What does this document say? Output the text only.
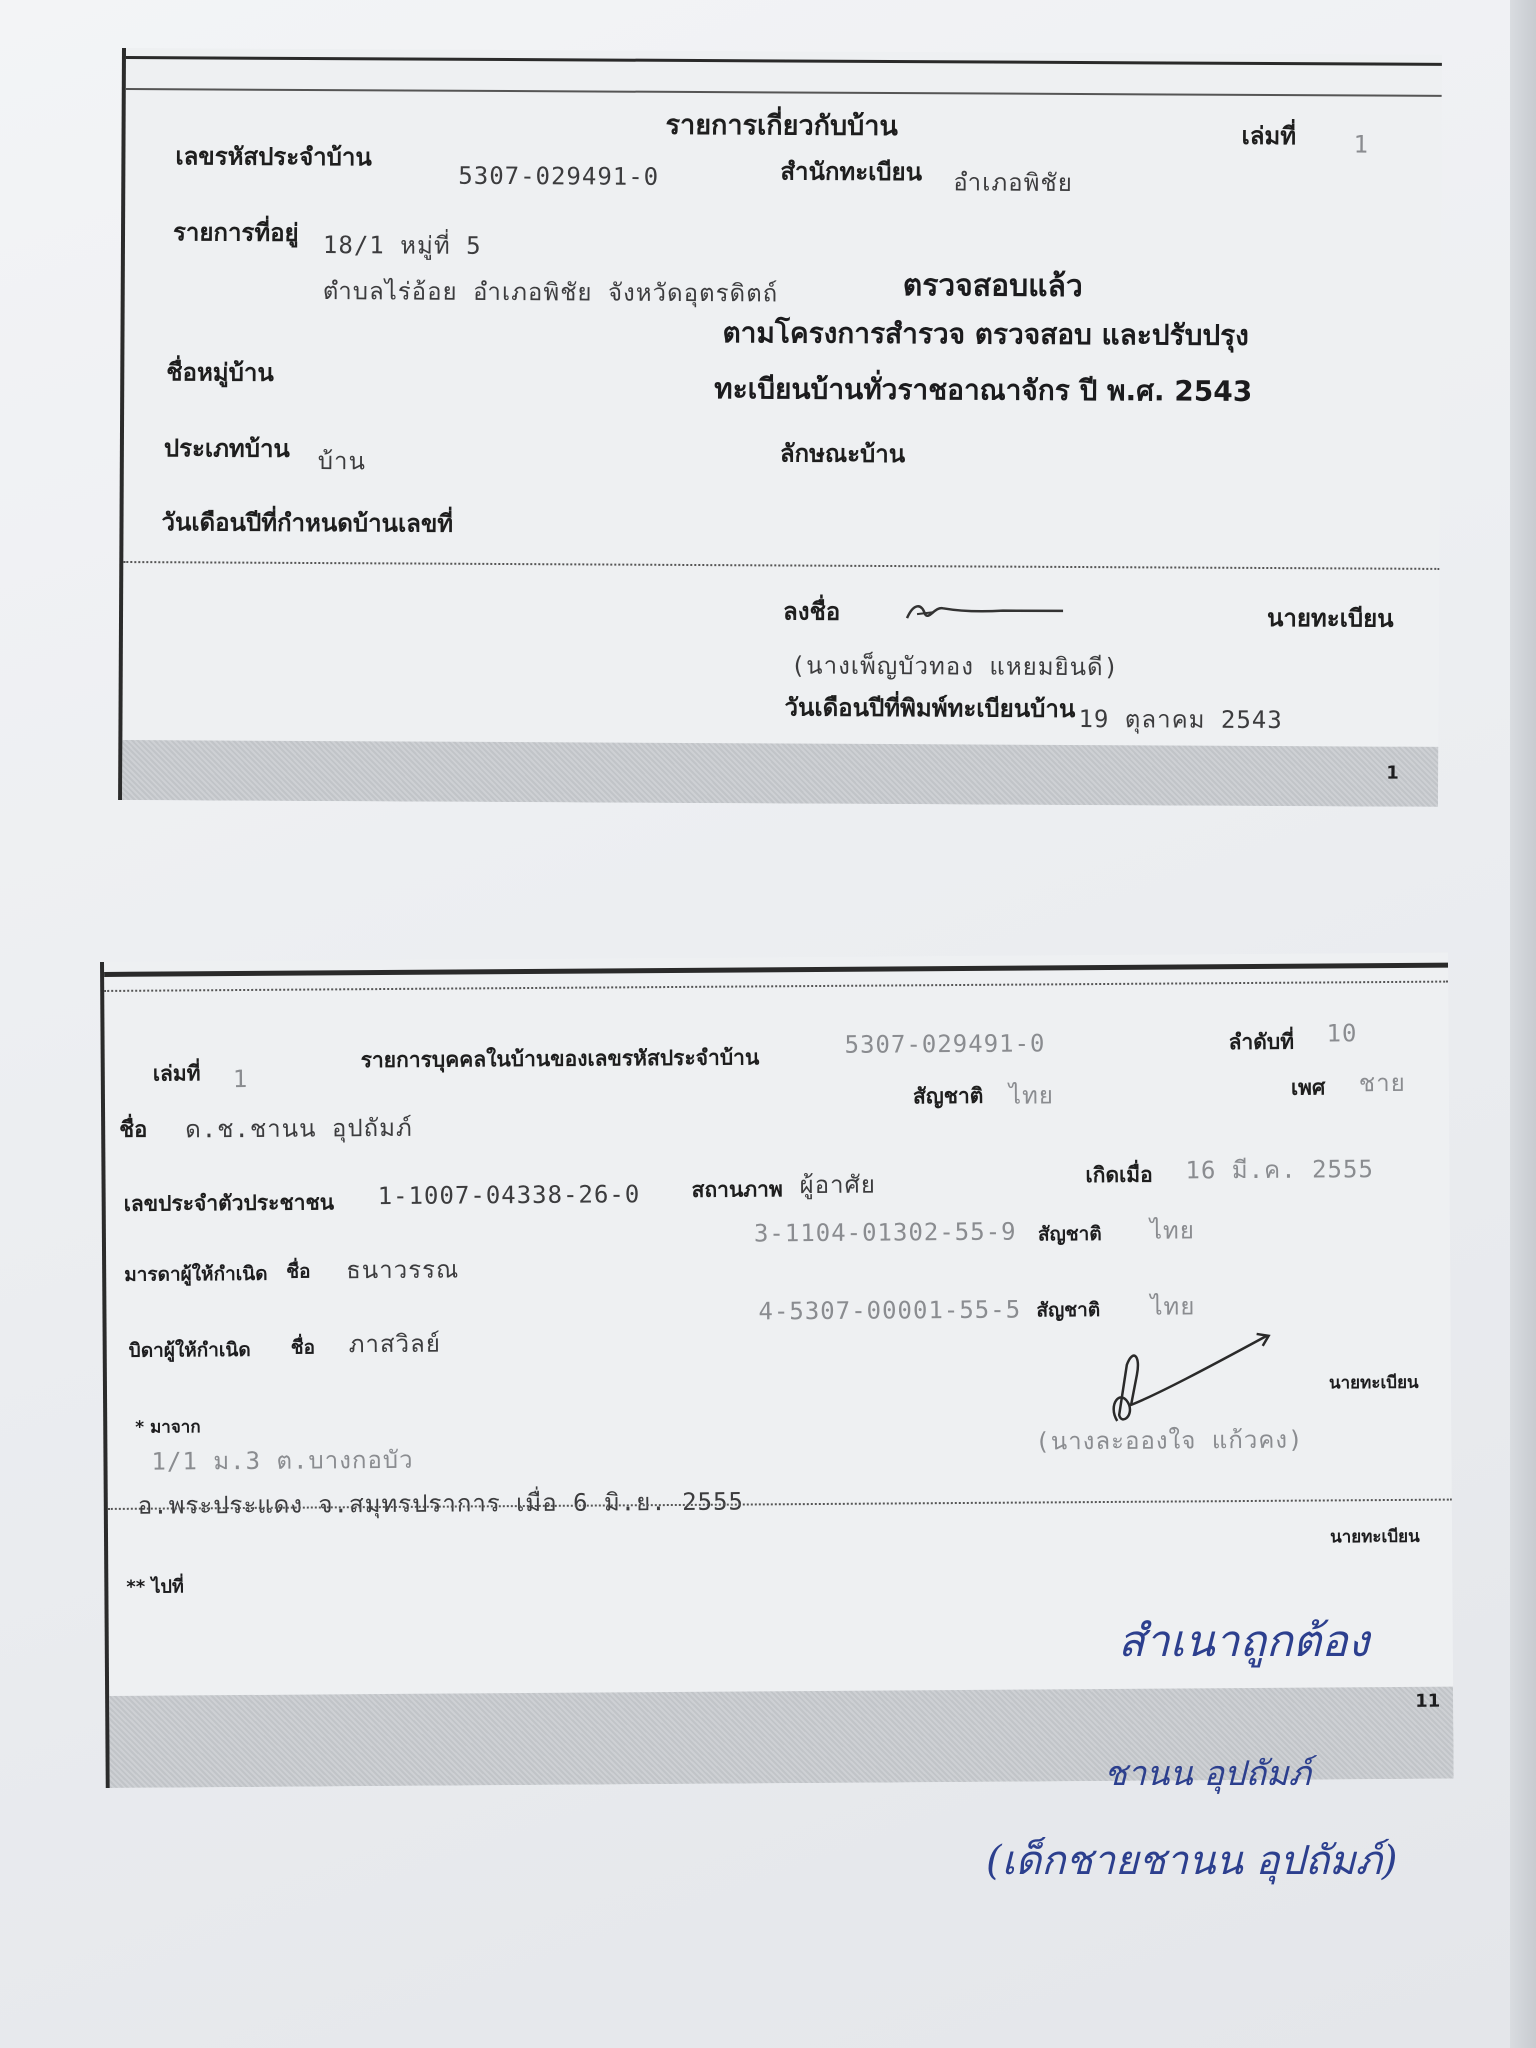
รายการเกี่ยวกับบ้าน	เล่มที่ 1
เลขรหัสประจำบ้าน
5307-029491-0	สำนักทะเบียน อำเภอพิชัย
รายการที่อยู่ 18/1 หมู่ที่ 5
ตำบลไร่อ้อย อำเภอพิชัย จังหวัดอุตรดิตถ์	ตรวจสอบแล้ว
ตามโครงการสำรวจ ตรวจสอบ และปรับปรุง
ทะเบียนบ้านทั่วราชอาณาจักร ปี พ.ศ. 2543
ชื่อหมู่บ้าน
ประเภทบ้าน บ้าน	ลักษณะบ้าน
วันเดือนปีที่กำหนดบ้านเลขที่
ลงชื่อ	นายทะเบียน
(นางเพ็ญบัวทอง แหยมยินดี)
วันเดือนปีที่พิมพ์ทะเบียนบ้าน 19 ตุลาคม 2543
1
เล่มที่ 1
รายการบุคคลในบ้านของเลขรหัสประจำบ้าน	5307-029491-0	ลำดับที่ 10
ชื่อ ด.ช.ชานน อุปถัมภ์
สัญชาติ ไทย	เพศ ชาย
เลขประจำตัวประชาชน 1-1007-04338-26-0 สถานภาพ ผู้อาศัย	เกิดเมื่อ 16 มี.ค. 2555
มารดาผู้ให้กำเนิด ชื่อ ธนาวรรณ
3-1104-01302-55-9 สัญชาติ ไทย
บิดาผู้ให้กำเนิด ชื่อ ภาสวิลย์
4-5307-00001-55-5 สัญชาติ ไทย
นายทะเบียน
* มาจาก
1/1 ม.3 ต.บางกอบัว
อ.พระประแดง จ.สมุทรปราการ เมื่อ 6 มิ.ย. 2555
(นางละอองใจ แก้วคง)
นายทะเบียน
** ไปที่
11
สำเนาถูกต้อง
ชานน อุปถัมภ์
(เด็กชายชานน อุปถัมภ์)
